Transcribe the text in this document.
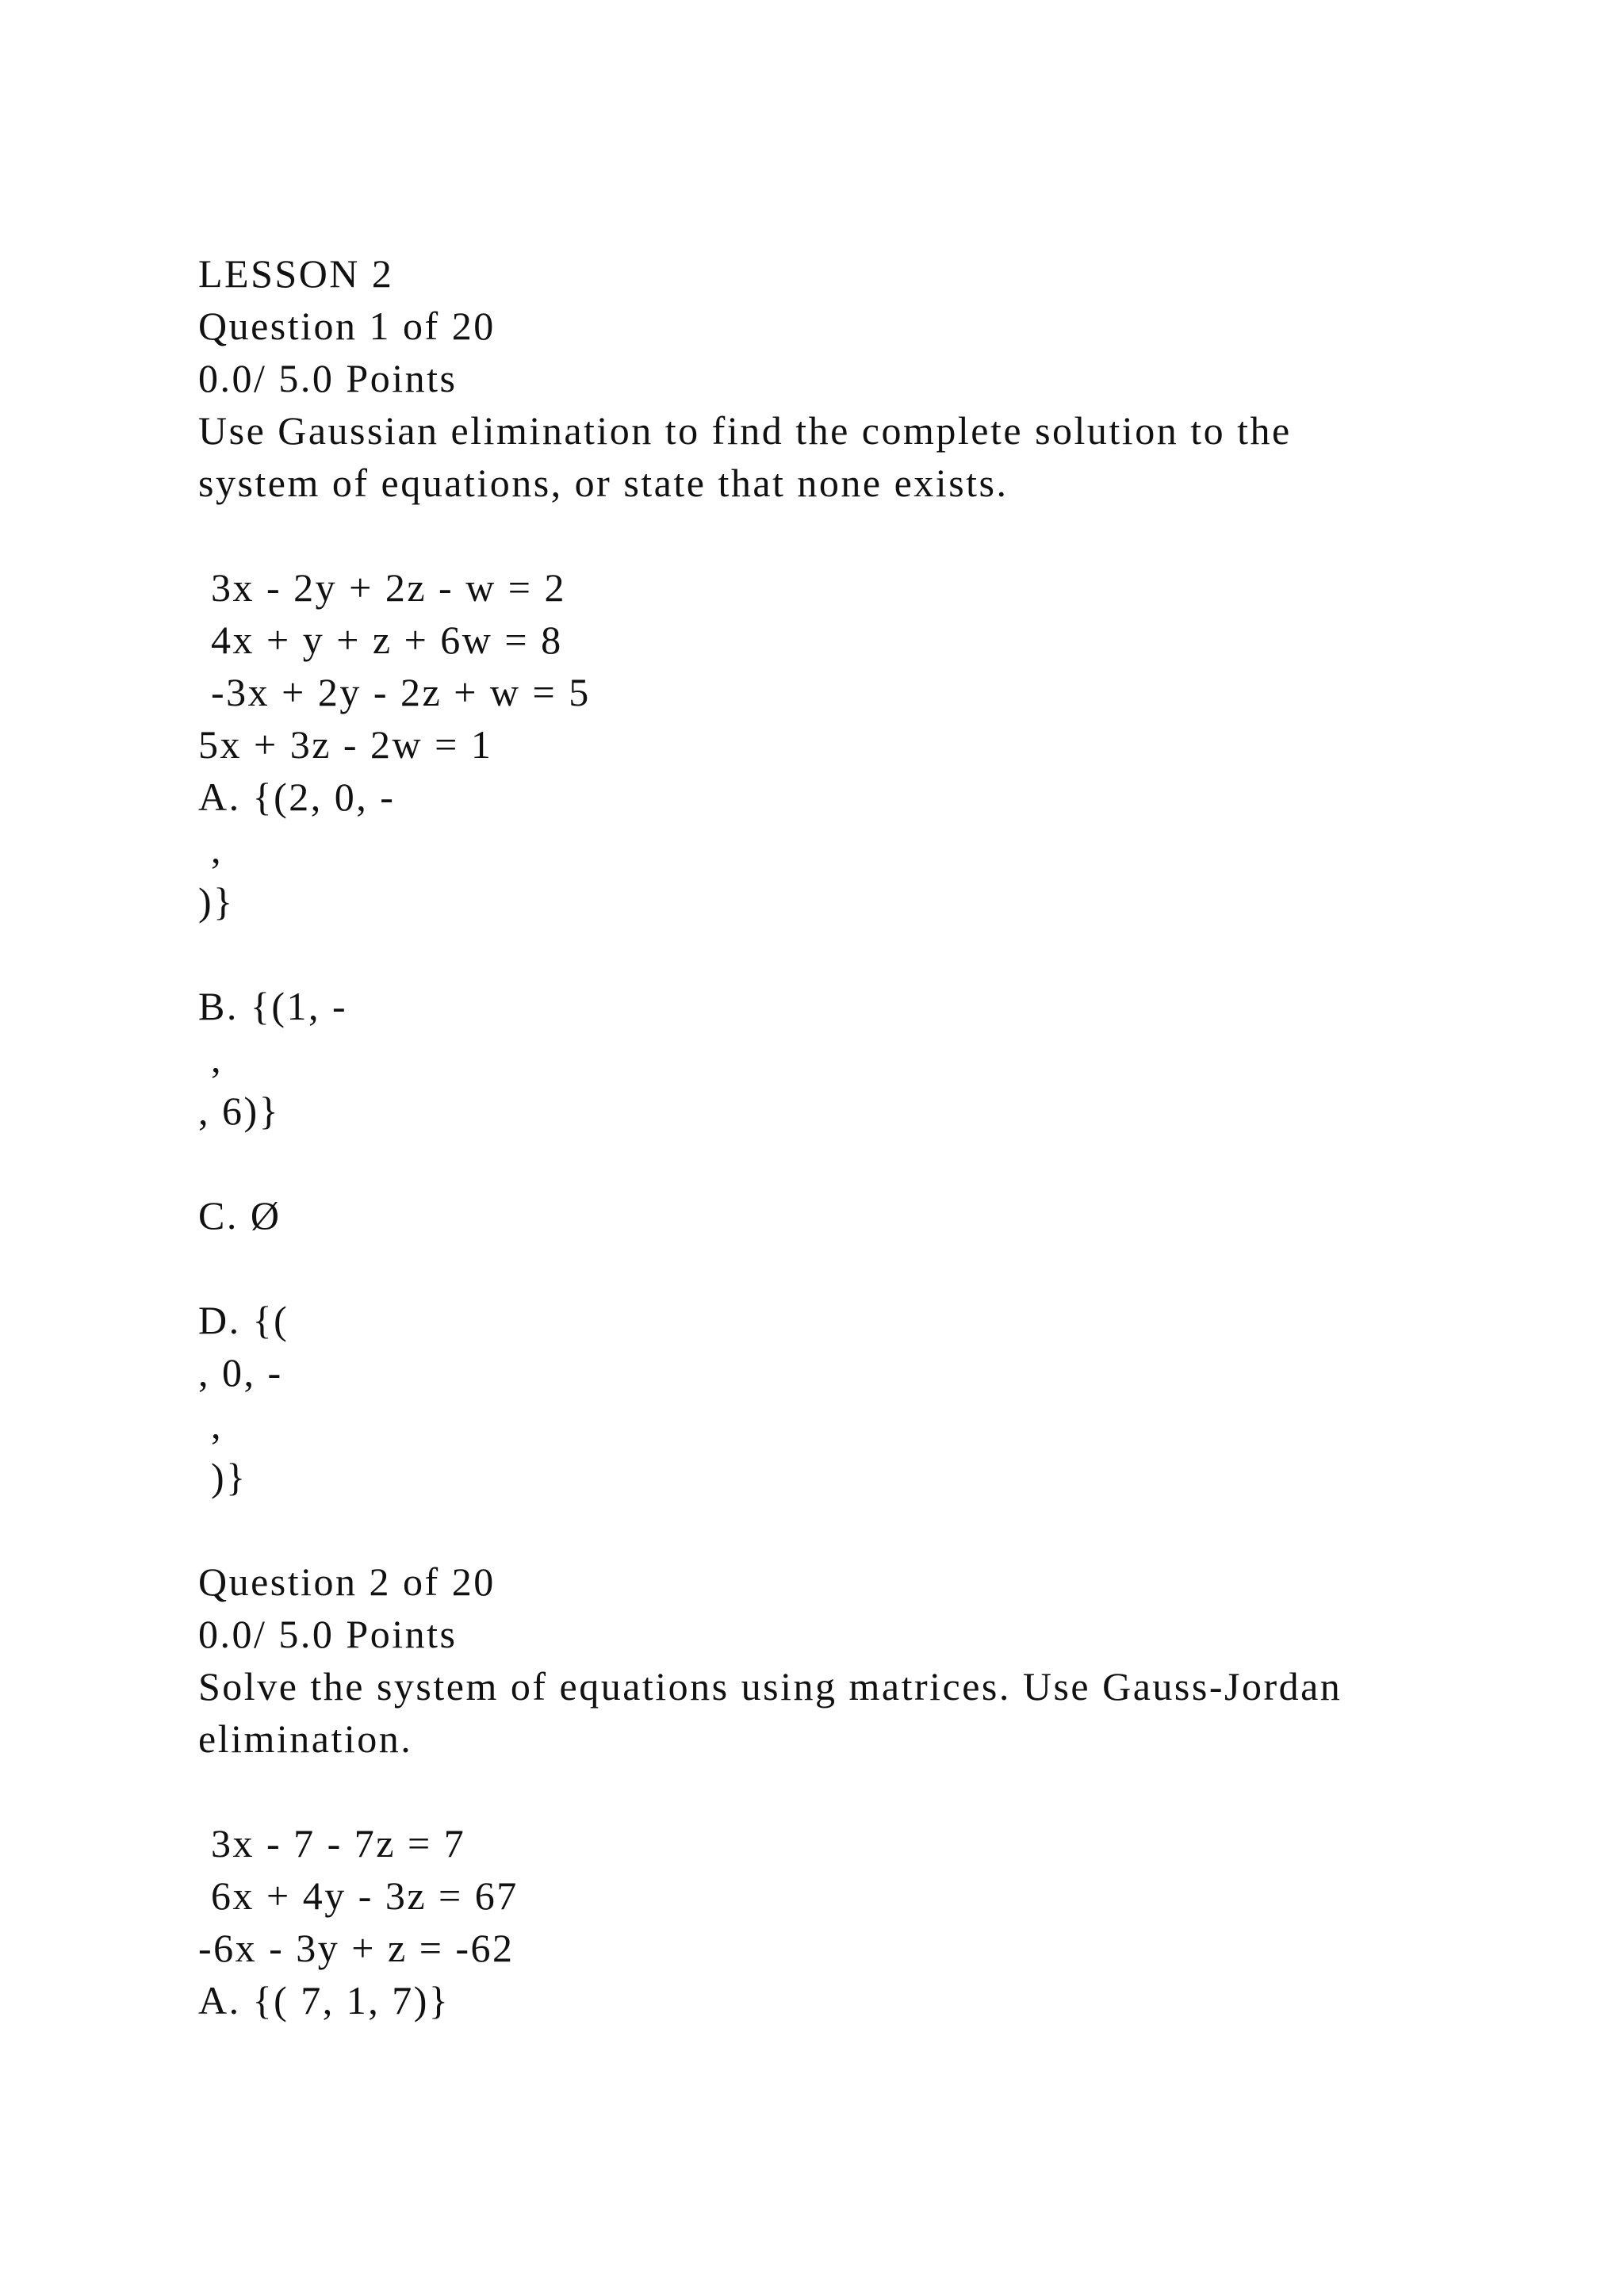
LESSON 2

Question 1 of 20

0.0/ 5.0 Points

Use Gaussian elimination to find the complete solution to the

system of equations, or state that none exists.

3x - 2y + 2z - w = 2

4x + y + z + 6w = 8

-3x + 2y - 2z + w = 5

5x + 3z - 2w = 1

A. {(2, 0, -

,

)}

B. {(1, -

,

, 6)}

C. Ø

D. {(

, 0, -

,

)}

Question 2 of 20

0.0/ 5.0 Points

Solve the system of equations using matrices. Use Gauss-Jordan

elimination.

3x - 7 - 7z = 7

6x + 4y - 3z = 67

-6x - 3y + z = -62

A. {( 7, 1, 7)}
